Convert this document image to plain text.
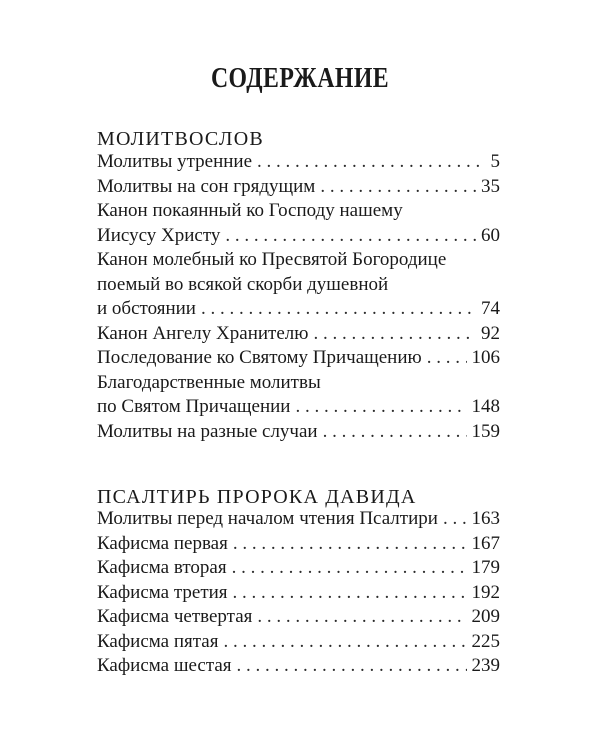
СОДЕРЖАНИЕ
МОЛИТВОСЛОВ
Молитвы утренние . . .	5
Молитвы на сон грядущим . . .	35
Канон покаянный ко Господу нашему
Иисусу Христу . . .	60
Канон молебный ко Пресвятой Богородице
поемый во всякой скорби душевной
и обстоянии . . .	74
Канон Ангелу Хранителю . . .	92
Последование ко Святому Причащению . . .	106
Благодарственные молитвы
по Святом Причащении . . .	148
Молитвы на разные случаи . . .	159
ПСАЛТИРЬ ПРОРОКА ДАВИДА
Молитвы перед началом чтения Псалтири . . . 163
Кафисма первая . . .	167
Кафисма вторая . . .	179
Кафисма третия . . .	192
Кафисма четвертая . . .	209
Кафисма пятая . . .	225
Кафисма шестая . . .	239
